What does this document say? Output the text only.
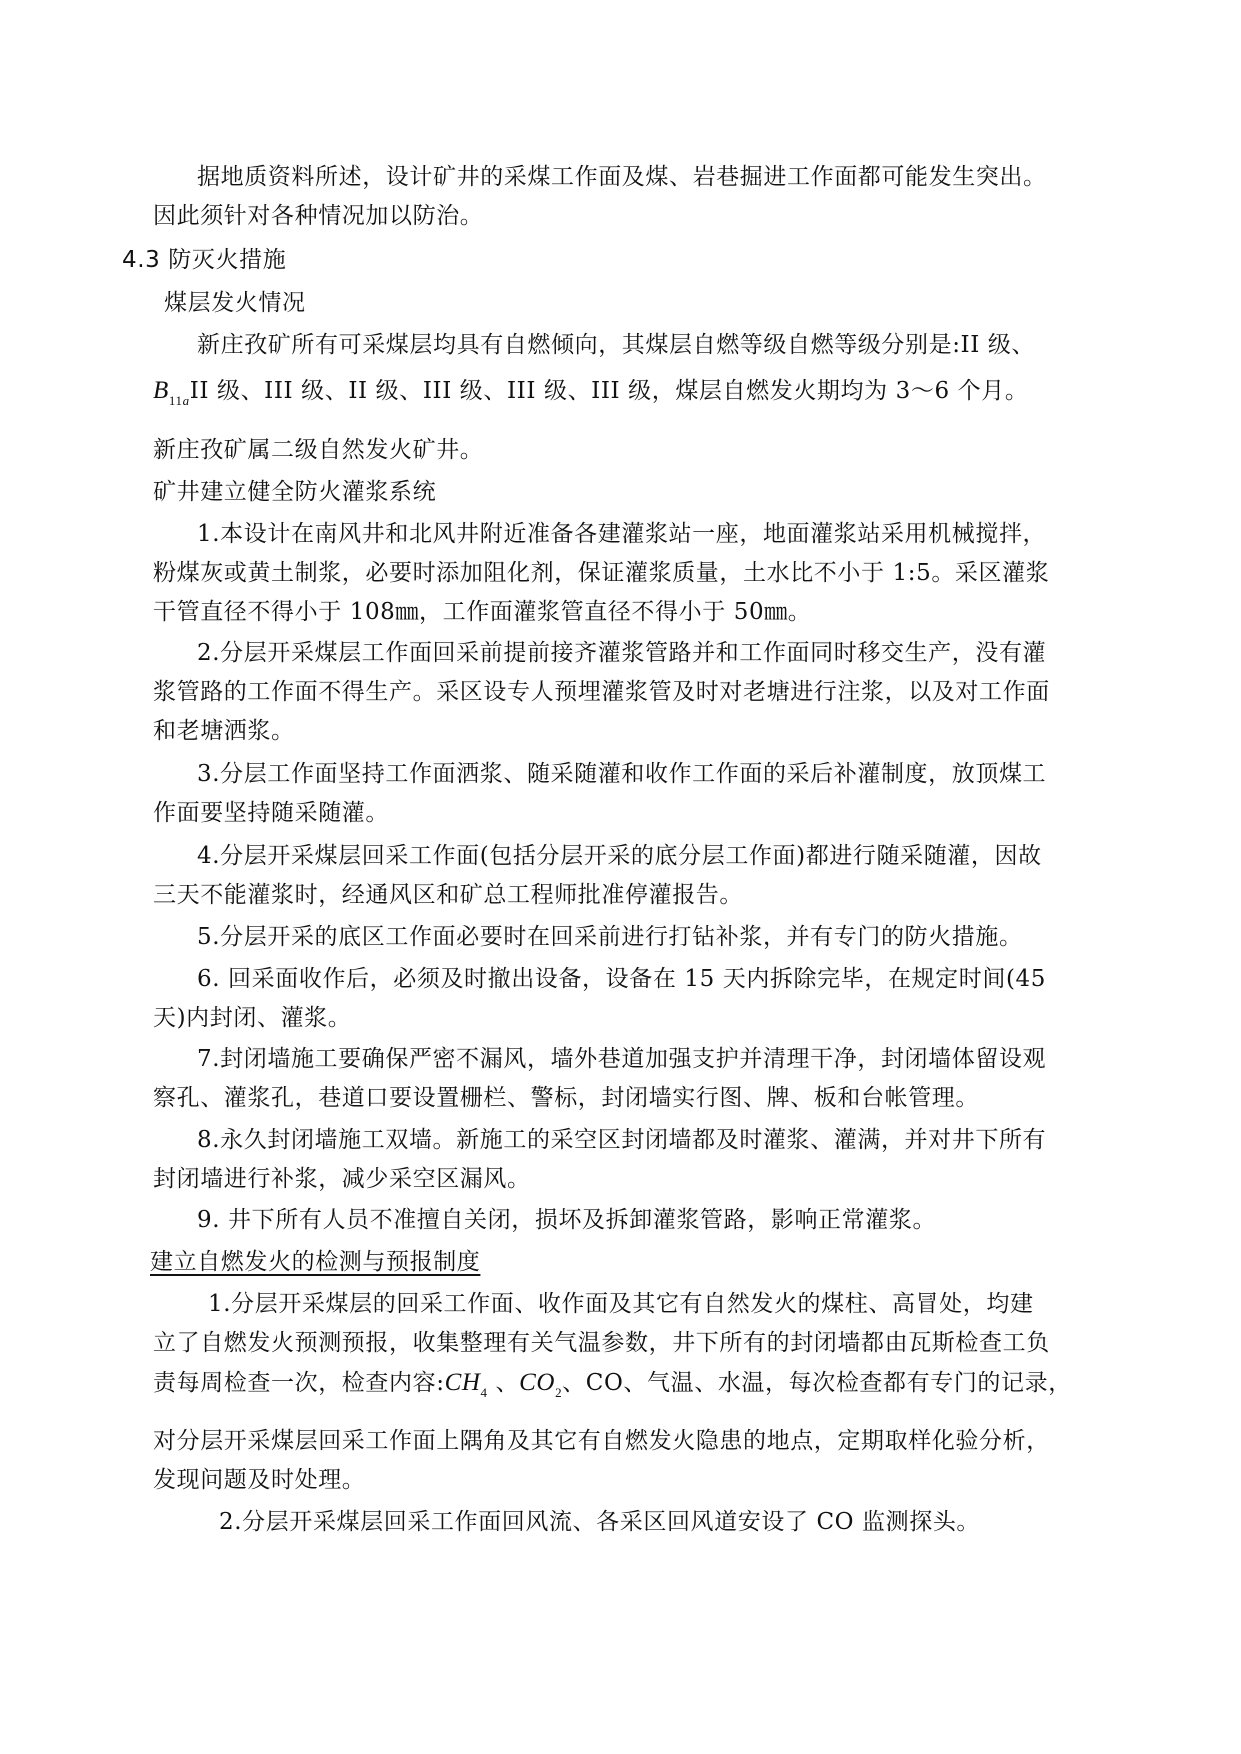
据地质资料所述，设计矿井的采煤工作面及煤、岩巷掘进工作面都可能发生突出。
因此须针对各种情况加以防治。
4.3 防灭火措施
煤层发火情况
新庄孜矿所有可采煤层均具有自燃倾向，其煤层自燃等级自燃等级分别是:II 级、
$B_{11a}II$ 级、III 级、II 级、III 级、III 级、III 级，煤层自燃发火期均为 3～6 个月。
新庄孜矿属二级自然发火矿井。
矿井建立健全防火灌浆系统
1.本设计在南风井和北风井附近准备各建灌浆站一座，地面灌浆站采用机械搅拌，
粉煤灰或黄土制浆，必要时添加阻化剂，保证灌浆质量，土水比不小于 1:5。采区灌浆
干管直径不得小于 108㎜，工作面灌浆管直径不得小于 50㎜。
2.分层开采煤层工作面回采前提前接齐灌浆管路并和工作面同时移交生产，没有灌
浆管路的工作面不得生产。采区设专人预埋灌浆管及时对老塘进行注浆，以及对工作面
和老塘洒浆。
3.分层工作面坚持工作面洒浆、随采随灌和收作工作面的采后补灌制度，放顶煤工
作面要坚持随采随灌。
4.分层开采煤层回采工作面(包括分层开采的底分层工作面)都进行随采随灌，因故
三天不能灌浆时，经通风区和矿总工程师批准停灌报告。
5.分层开采的底区工作面必要时在回采前进行打钻补浆，并有专门的防火措施。
6. 回采面收作后，必须及时撤出设备，设备在 15 天内拆除完毕，在规定时间(45
天)内封闭、灌浆。
7.封闭墙施工要确保严密不漏风，墙外巷道加强支护并清理干净，封闭墙体留设观
察孔、灌浆孔，巷道口要设置栅栏、警标，封闭墙实行图、牌、板和台帐管理。
8.永久封闭墙施工双墙。新施工的采空区封闭墙都及时灌浆、灌满，并对井下所有
封闭墙进行补浆，减少采空区漏风。
9. 井下所有人员不准擅自关闭，损坏及拆卸灌浆管路，影响正常灌浆。
建立自燃发火的检测与预报制度
1.分层开采煤层的回采工作面、收作面及其它有自然发火的煤柱、高冒处，均建
立了自燃发火预测预报，收集整理有关气温参数，井下所有的封闭墙都由瓦斯检查工负
责每周检查一次，检查内容$:CH_4$ 、$CO_2$、CO、气温、水温，每次检查都有专门的记录，
对分层开采煤层回采工作面上隅角及其它有自燃发火隐患的地点，定期取样化验分析，
发现问题及时处理。
2.分层开采煤层回采工作面回风流、各采区回风道安设了 CO 监测探头。
